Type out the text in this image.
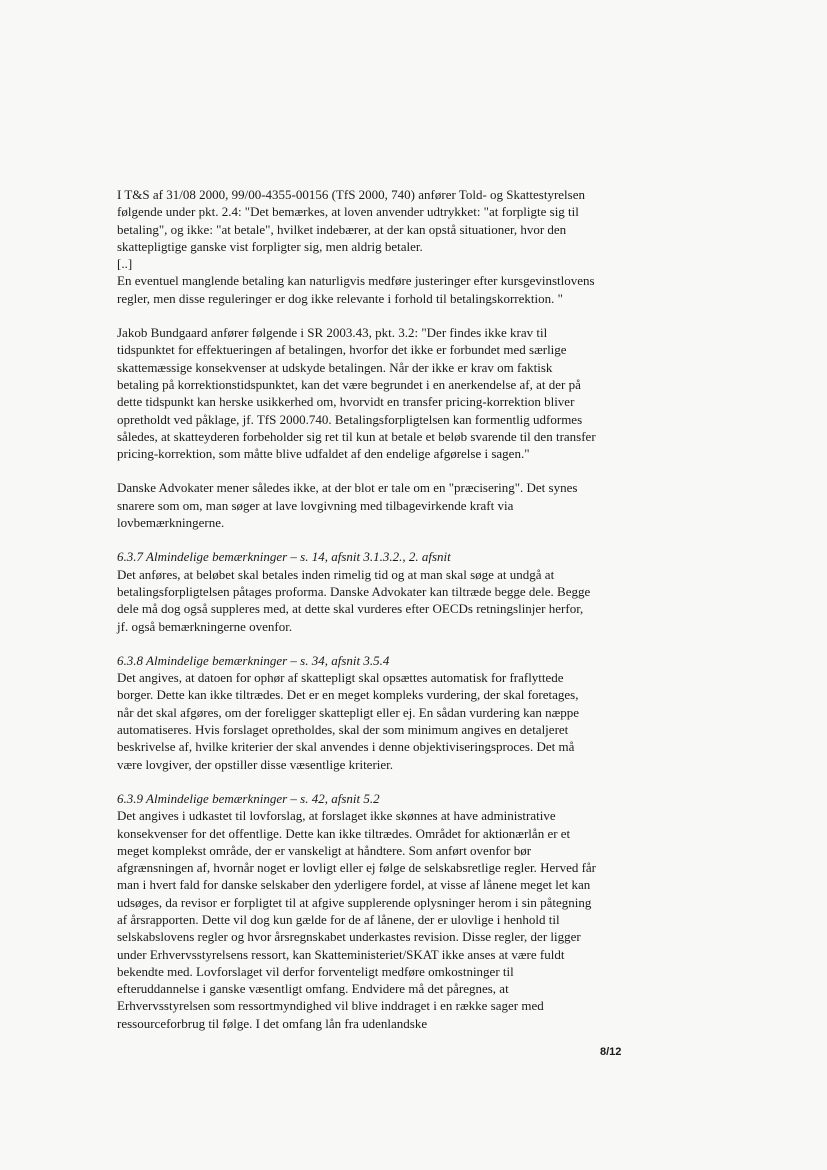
I T&S af 31/08 2000, 99/00-4355-00156 (TfS 2000, 740) anfører Told- og Skattestyrelsen følgende under pkt. 2.4: "Det bemærkes, at loven anvender udtrykket: "at forpligte sig til betaling", og ikke: "at betale", hvilket indebærer, at der kan opstå situationer, hvor den skattepligtige ganske vist forpligter sig, men aldrig betaler.

[..]

En eventuel manglende betaling kan naturligvis medføre justeringer efter kursgevinstlovens regler, men disse reguleringer er dog ikke relevante i forhold til betalingskorrektion. "

Jakob Bundgaard anfører følgende i SR 2003.43, pkt. 3.2: "Der findes ikke krav til tidspunktet for effektueringen af betalingen, hvorfor det ikke er forbundet med særlige skattemæssige konsekvenser at udskyde betalingen. Når der ikke er krav om faktisk betaling på korrektionstidspunktet, kan det være begrundet i en anerkendelse af, at der på dette tidspunkt kan herske usikkerhed om, hvorvidt en transfer pricing-korrektion bliver opretholdt ved påklage, jf. TfS 2000.740. Betalingsforpligtelsen kan formentlig udformes således, at skatteyderen forbeholder sig ret til kun at betale et beløb svarende til den transfer pricing-korrektion, som måtte blive udfaldet af den endelige afgørelse i sagen."

Danske Advokater mener således ikke, at der blot er tale om en "præcisering". Det synes snarere som om, man søger at lave lovgivning med tilbagevirkende kraft via lovbemærkningerne.

6.3.7 Almindelige bemærkninger – s. 14, afsnit 3.1.3.2., 2. afsnit

Det anføres, at beløbet skal betales inden rimelig tid og at man skal søge at undgå at betalingsforpligtelsen påtages proforma. Danske Advokater kan tiltræde begge dele. Begge dele må dog også suppleres med, at dette skal vurderes efter OECDs retningslinjer herfor, jf. også bemærkningerne ovenfor.

6.3.8 Almindelige bemærkninger – s. 34, afsnit 3.5.4

Det angives, at datoen for ophør af skattepligt skal opsættes automatisk for fraflyttede borger. Dette kan ikke tiltrædes. Det er en meget kompleks vurdering, der skal foretages, når det skal afgøres, om der foreligger skattepligt eller ej. En sådan vurdering kan næppe automatiseres. Hvis forslaget opretholdes, skal der som minimum angives en detaljeret beskrivelse af, hvilke kriterier der skal anvendes i denne objektiviseringsproces. Det må være lovgiver, der opstiller disse væsentlige kriterier.

6.3.9 Almindelige bemærkninger – s. 42, afsnit 5.2

Det angives i udkastet til lovforslag, at forslaget ikke skønnes at have administrative konsekvenser for det offentlige. Dette kan ikke tiltrædes. Området for aktionærlån er et meget komplekst område, der er vanskeligt at håndtere. Som anført ovenfor bør afgrænsningen af, hvornår noget er lovligt eller ej følge de selskabsretlige regler. Herved får man i hvert fald for danske selskaber den yderligere fordel, at visse af lånene meget let kan udsøges, da revisor er forpligtet til at afgive supplerende oplysninger herom i sin påtegning af årsrapporten. Dette vil dog kun gælde for de af lånene, der er ulovlige i henhold til selskabslovens regler og hvor årsregnskabet underkastes revision. Disse regler, der ligger under Erhvervsstyrelsens ressort, kan Skatteministeriet/SKAT ikke anses at være fuldt bekendte med. Lovforslaget vil derfor forventeligt medføre omkostninger til efteruddannelse i ganske væsentligt omfang. Endvidere må det påregnes, at Erhvervsstyrelsen som ressortmyndighed vil blive inddraget i en række sager med ressourceforbrug til følge. I det omfang lån fra udenlandske

8/12
